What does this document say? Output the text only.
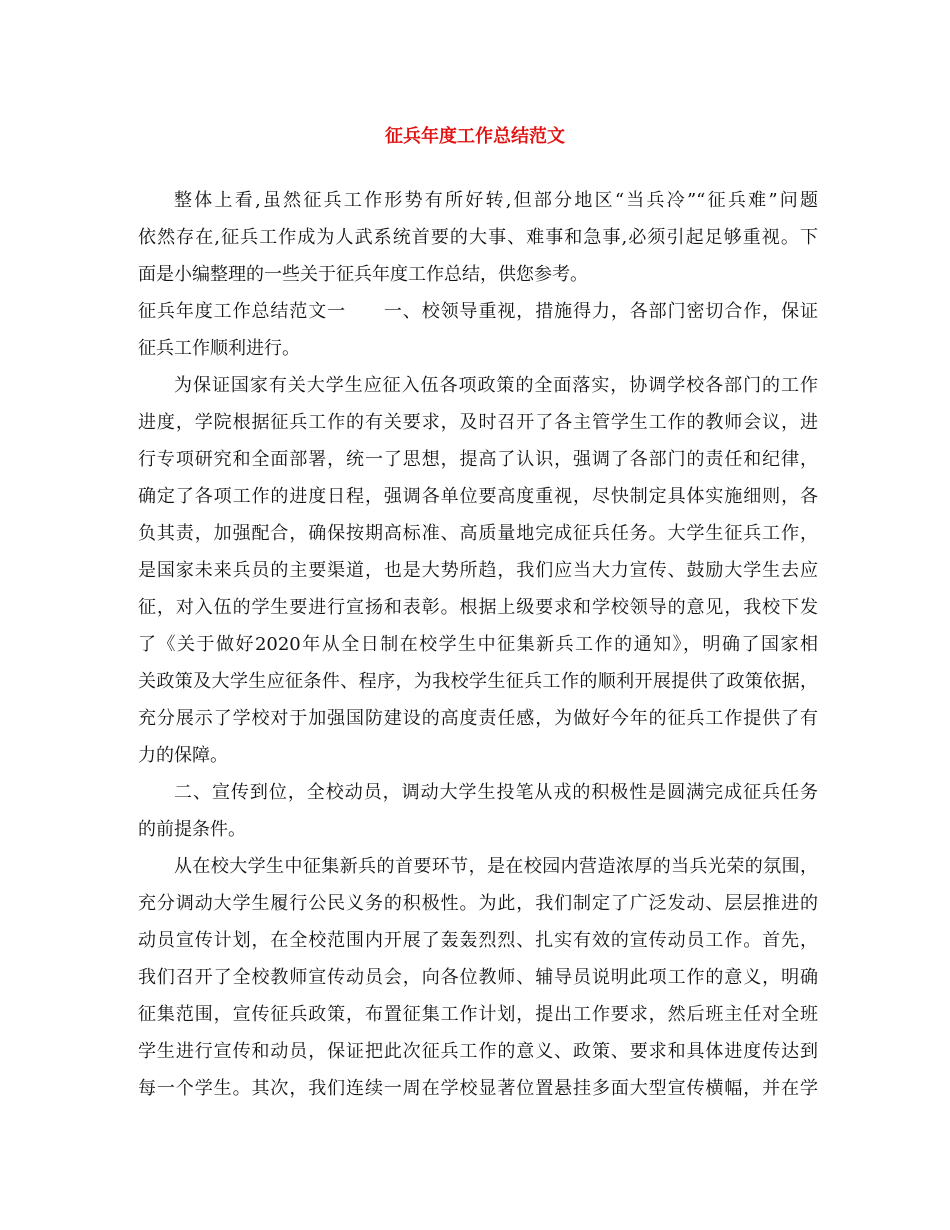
征兵年度工作总结范文
整体上看,虽然征兵工作形势有所好转,但部分地区“当兵冷”“征兵难”问题
依然存在,征兵工作成为人武系统首要的大事、难事和急事,必须引起足够重视。下
面是小编整理的一些关于征兵年度工作总结，供您参考。
征兵年度工作总结范文一　　一、校领导重视，措施得力，各部门密切合作，保证
征兵工作顺利进行。
为保证国家有关大学生应征入伍各项政策的全面落实，协调学校各部门的工作
进度，学院根据征兵工作的有关要求，及时召开了各主管学生工作的教师会议，进
行专项研究和全面部署，统一了思想，提高了认识，强调了各部门的责任和纪律，
确定了各项工作的进度日程，强调各单位要高度重视，尽快制定具体实施细则，各
负其责，加强配合，确保按期高标准、高质量地完成征兵任务。大学生征兵工作，
是国家未来兵员的主要渠道，也是大势所趋，我们应当大力宣传、鼓励大学生去应
征，对入伍的学生要进行宣扬和表彰。根据上级要求和学校领导的意见，我校下发
了《关于做好2020年从全日制在校学生中征集新兵工作的通知》，明确了国家相
关政策及大学生应征条件、程序，为我校学生征兵工作的顺利开展提供了政策依据，
充分展示了学校对于加强国防建设的高度责任感，为做好今年的征兵工作提供了有
力的保障。
二、宣传到位，全校动员，调动大学生投笔从戎的积极性是圆满完成征兵任务
的前提条件。
从在校大学生中征集新兵的首要环节，是在校园内营造浓厚的当兵光荣的氛围，
充分调动大学生履行公民义务的积极性。为此，我们制定了广泛发动、层层推进的
动员宣传计划，在全校范围内开展了轰轰烈烈、扎实有效的宣传动员工作。首先，
我们召开了全校教师宣传动员会，向各位教师、辅导员说明此项工作的意义，明确
征集范围，宣传征兵政策，布置征集工作计划，提出工作要求，然后班主任对全班
学生进行宣传和动员，保证把此次征兵工作的意义、政策、要求和具体进度传达到
每一个学生。其次，我们连续一周在学校显著位置悬挂多面大型宣传横幅，并在学
